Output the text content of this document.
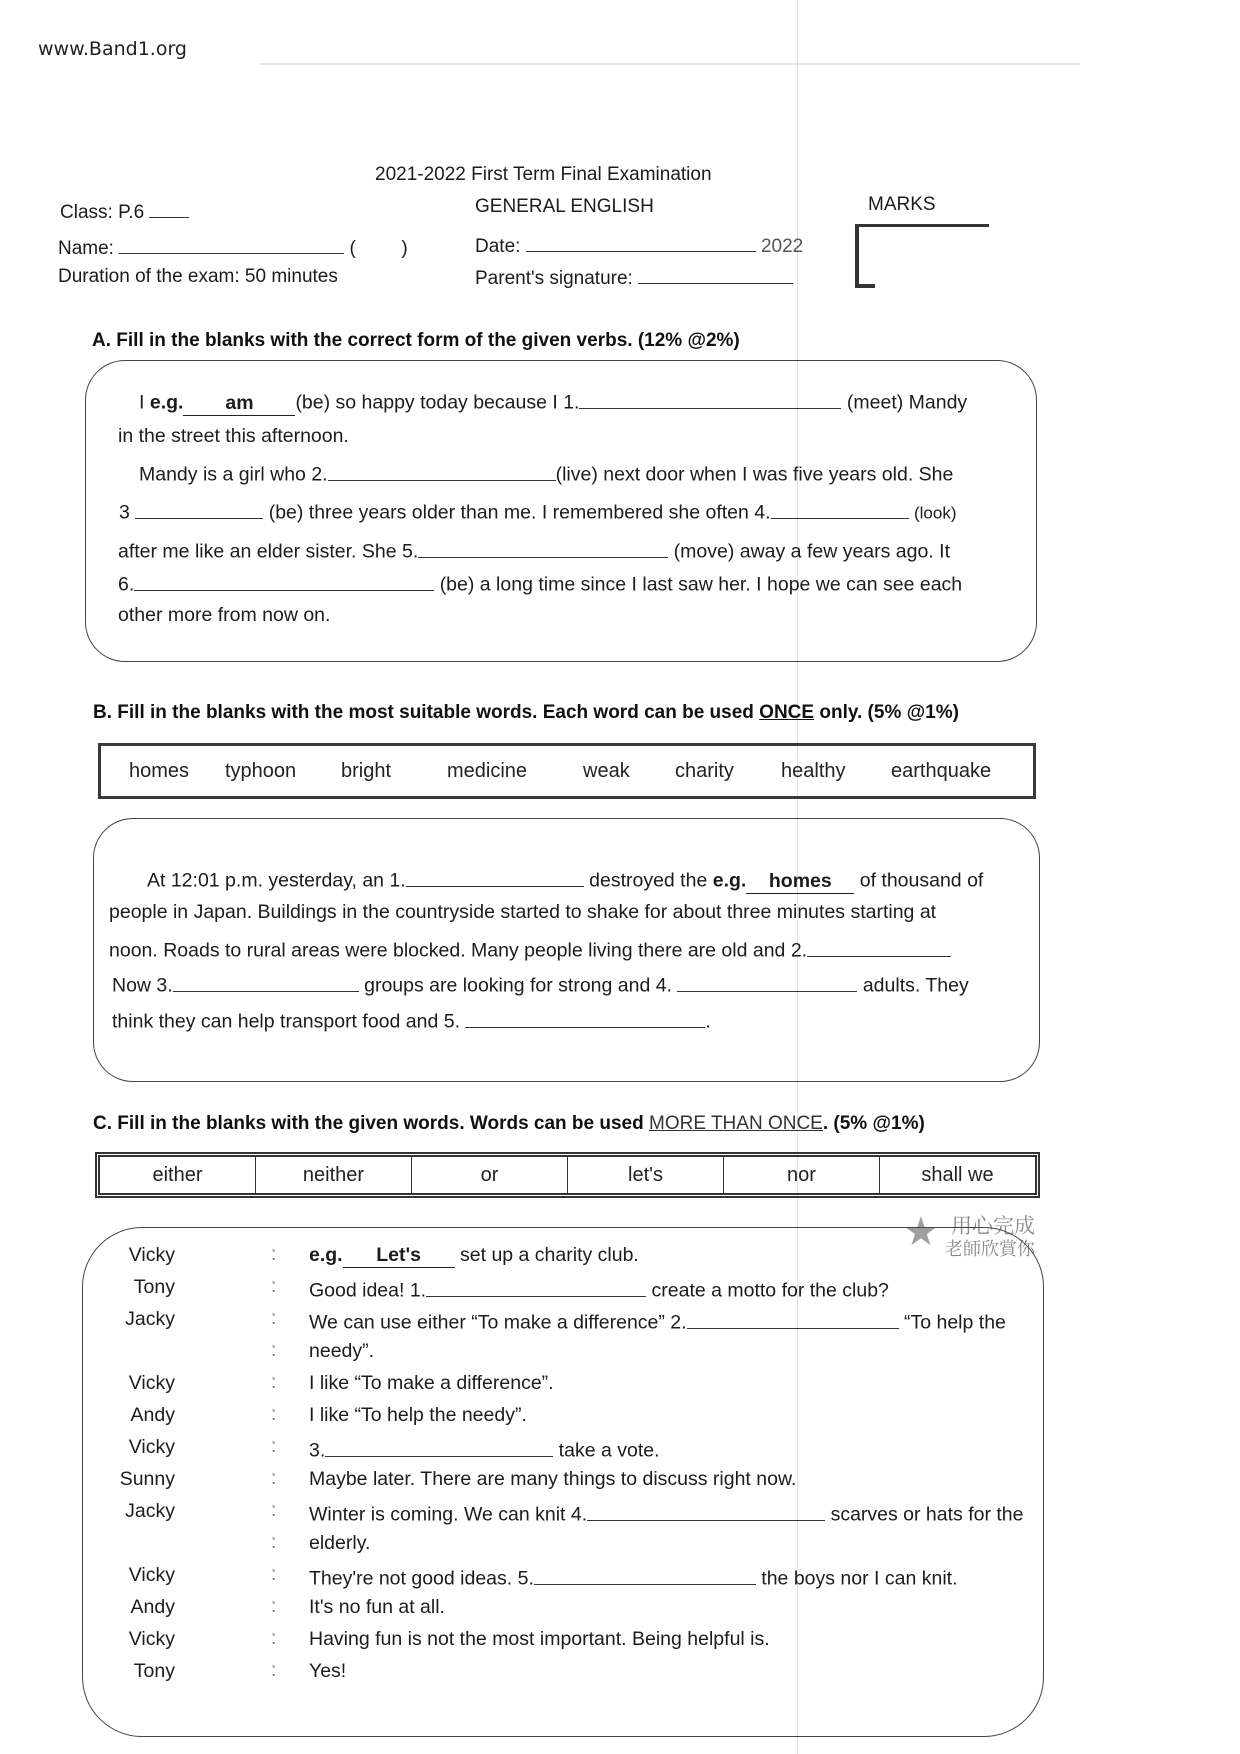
www.Band1.org
2021-2022 First Term Final Examination
Class: P.6	GENERAL ENGLISH	MARKS
Name:	( )	Date:	2022
Duration of the exam: 50 minutes	Parent's signature:
A. Fill in the blanks with the correct form of the given verbs. (12% @2%)
I e.g. am (be) so happy today because I 1.	(meet) Mandy
in the street this afternoon.
Mandy is a girl who 2.	(live) next door when I was five years old. She
3	(be) three years older than me. I remembered she often 4.	(look)
after me like an elder sister. She 5.	(move) away a few years ago. It
6.	(be) a long time since I last saw her. I hope we can see each
other more from now on.
B. Fill in the blanks with the most suitable words. Each word can be used ONCE only. (5% @1%)
homes typhoon bright	medicine	weak charity healthy earthquake
At 12:01 p.m. yesterday, an 1.	destroyed the e.g. homes of thousand of
people in Japan. Buildings in the countryside started to shake for about three minutes starting at
noon. Roads to rural areas were blocked. Many people living there are old and 2.
Now 3.	groups are looking for strong and 4.	adults. They
think they can help transport food and 5.	.
C. Fill in the blanks with the given words. Words can be used MORE THAN ONCE. (5% @1%)
either	neither	or	let's	nor	shall we
★ 用心完成
老師欣賞你
Vicky	: e.g. Let's set up a charity club.
Tony	: Good idea! 1.	create a motto for the club?
Jacky	: We can use either “To make a difference” 2.	“To help the
: needy”.
Vicky	: I like “To make a difference”.
Andy	: I like “To help the needy”.
Vicky	: 3.	take a vote.
Sunny	: Maybe later. There are many things to discuss right now.
Jacky	: Winter is coming. We can knit 4.	scarves or hats for the
: elderly.
Vicky	: They're not good ideas. 5.	the boys nor I can knit.
Andy	: It's no fun at all.
Vicky	: Having fun is not the most important. Being helpful is.
Tony	: Yes!
